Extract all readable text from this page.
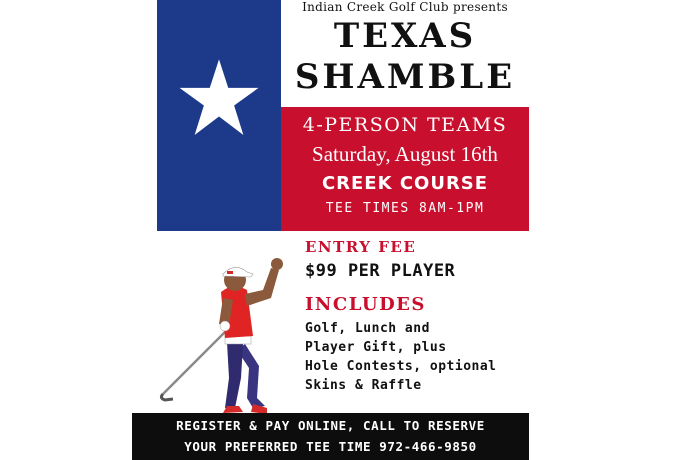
Indian Creek Golf Club presents
TEXAS
SHAMBLE
4-PERSON TEAMS
Saturday, August 16th
CREEK COURSE
TEE TIMES 8AM-1PM
ENTRY FEE
$99 PER PLAYER
INCLUDES
Golf, Lunch and
Player Gift, plus
Hole Contests, optional
Skins & Raffle
REGISTER & PAY ONLINE, CALL TO RESERVE
YOUR PREFERRED TEE TIME 972-466-9850
